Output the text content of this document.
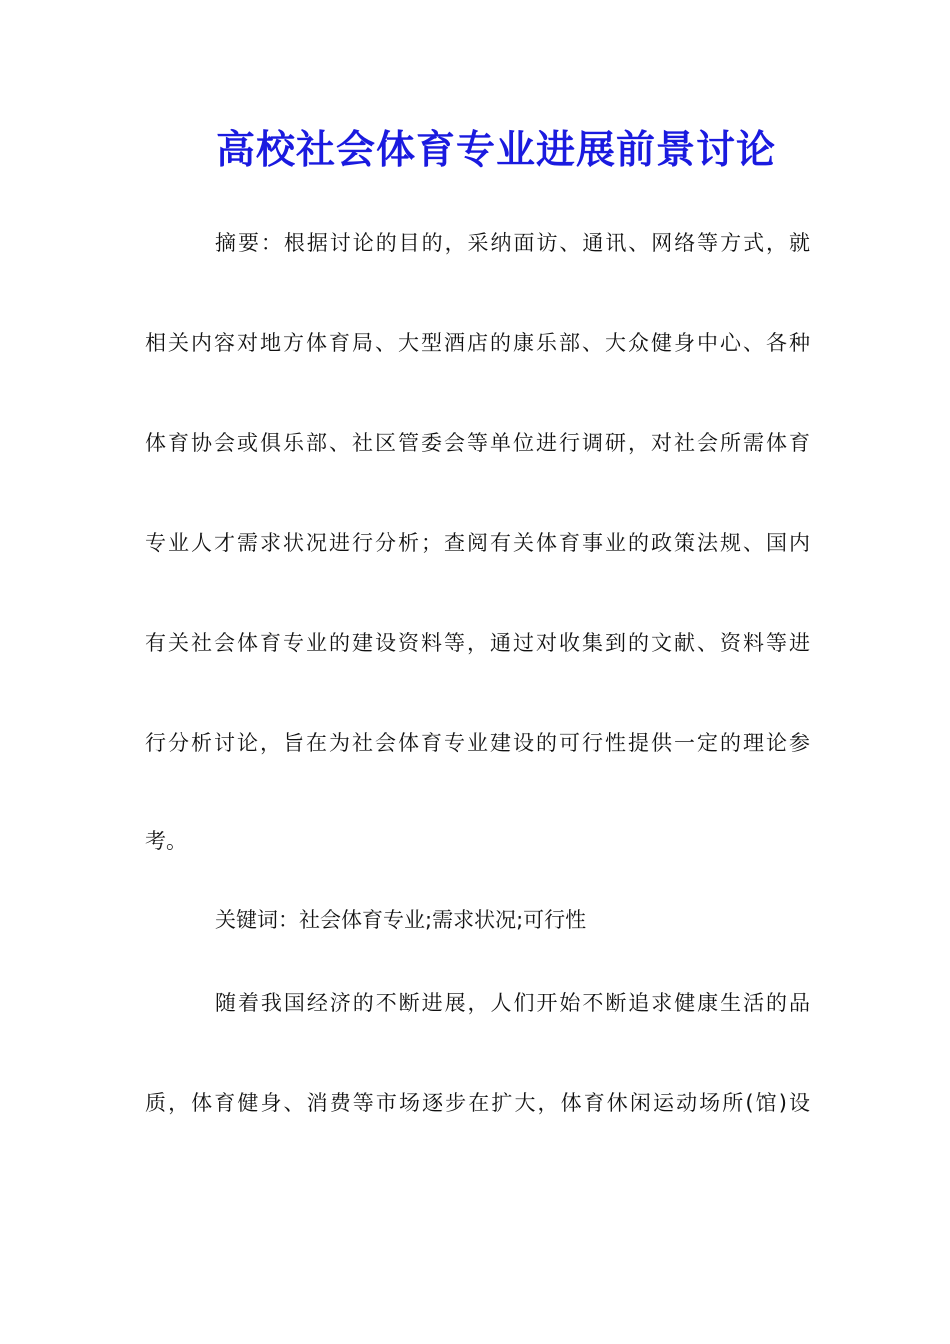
高校社会体育专业进展前景讨论
摘要：根据讨论的目的，采纳面访、通讯、网络等方式，就
相关内容对地方体育局、大型酒店的康乐部、大众健身中心、各种
体育协会或俱乐部、社区管委会等单位进行调研，对社会所需体育
专业人才需求状况进行分析；查阅有关体育事业的政策法规、国内
有关社会体育专业的建设资料等，通过对收集到的文献、资料等进
行分析讨论，旨在为社会体育专业建设的可行性提供一定的理论参
考。
关键词：社会体育专业;需求状况;可行性
随着我国经济的不断进展，人们开始不断追求健康生活的品
质，体育健身、消费等市场逐步在扩大，体育休闲运动场所(馆)设
